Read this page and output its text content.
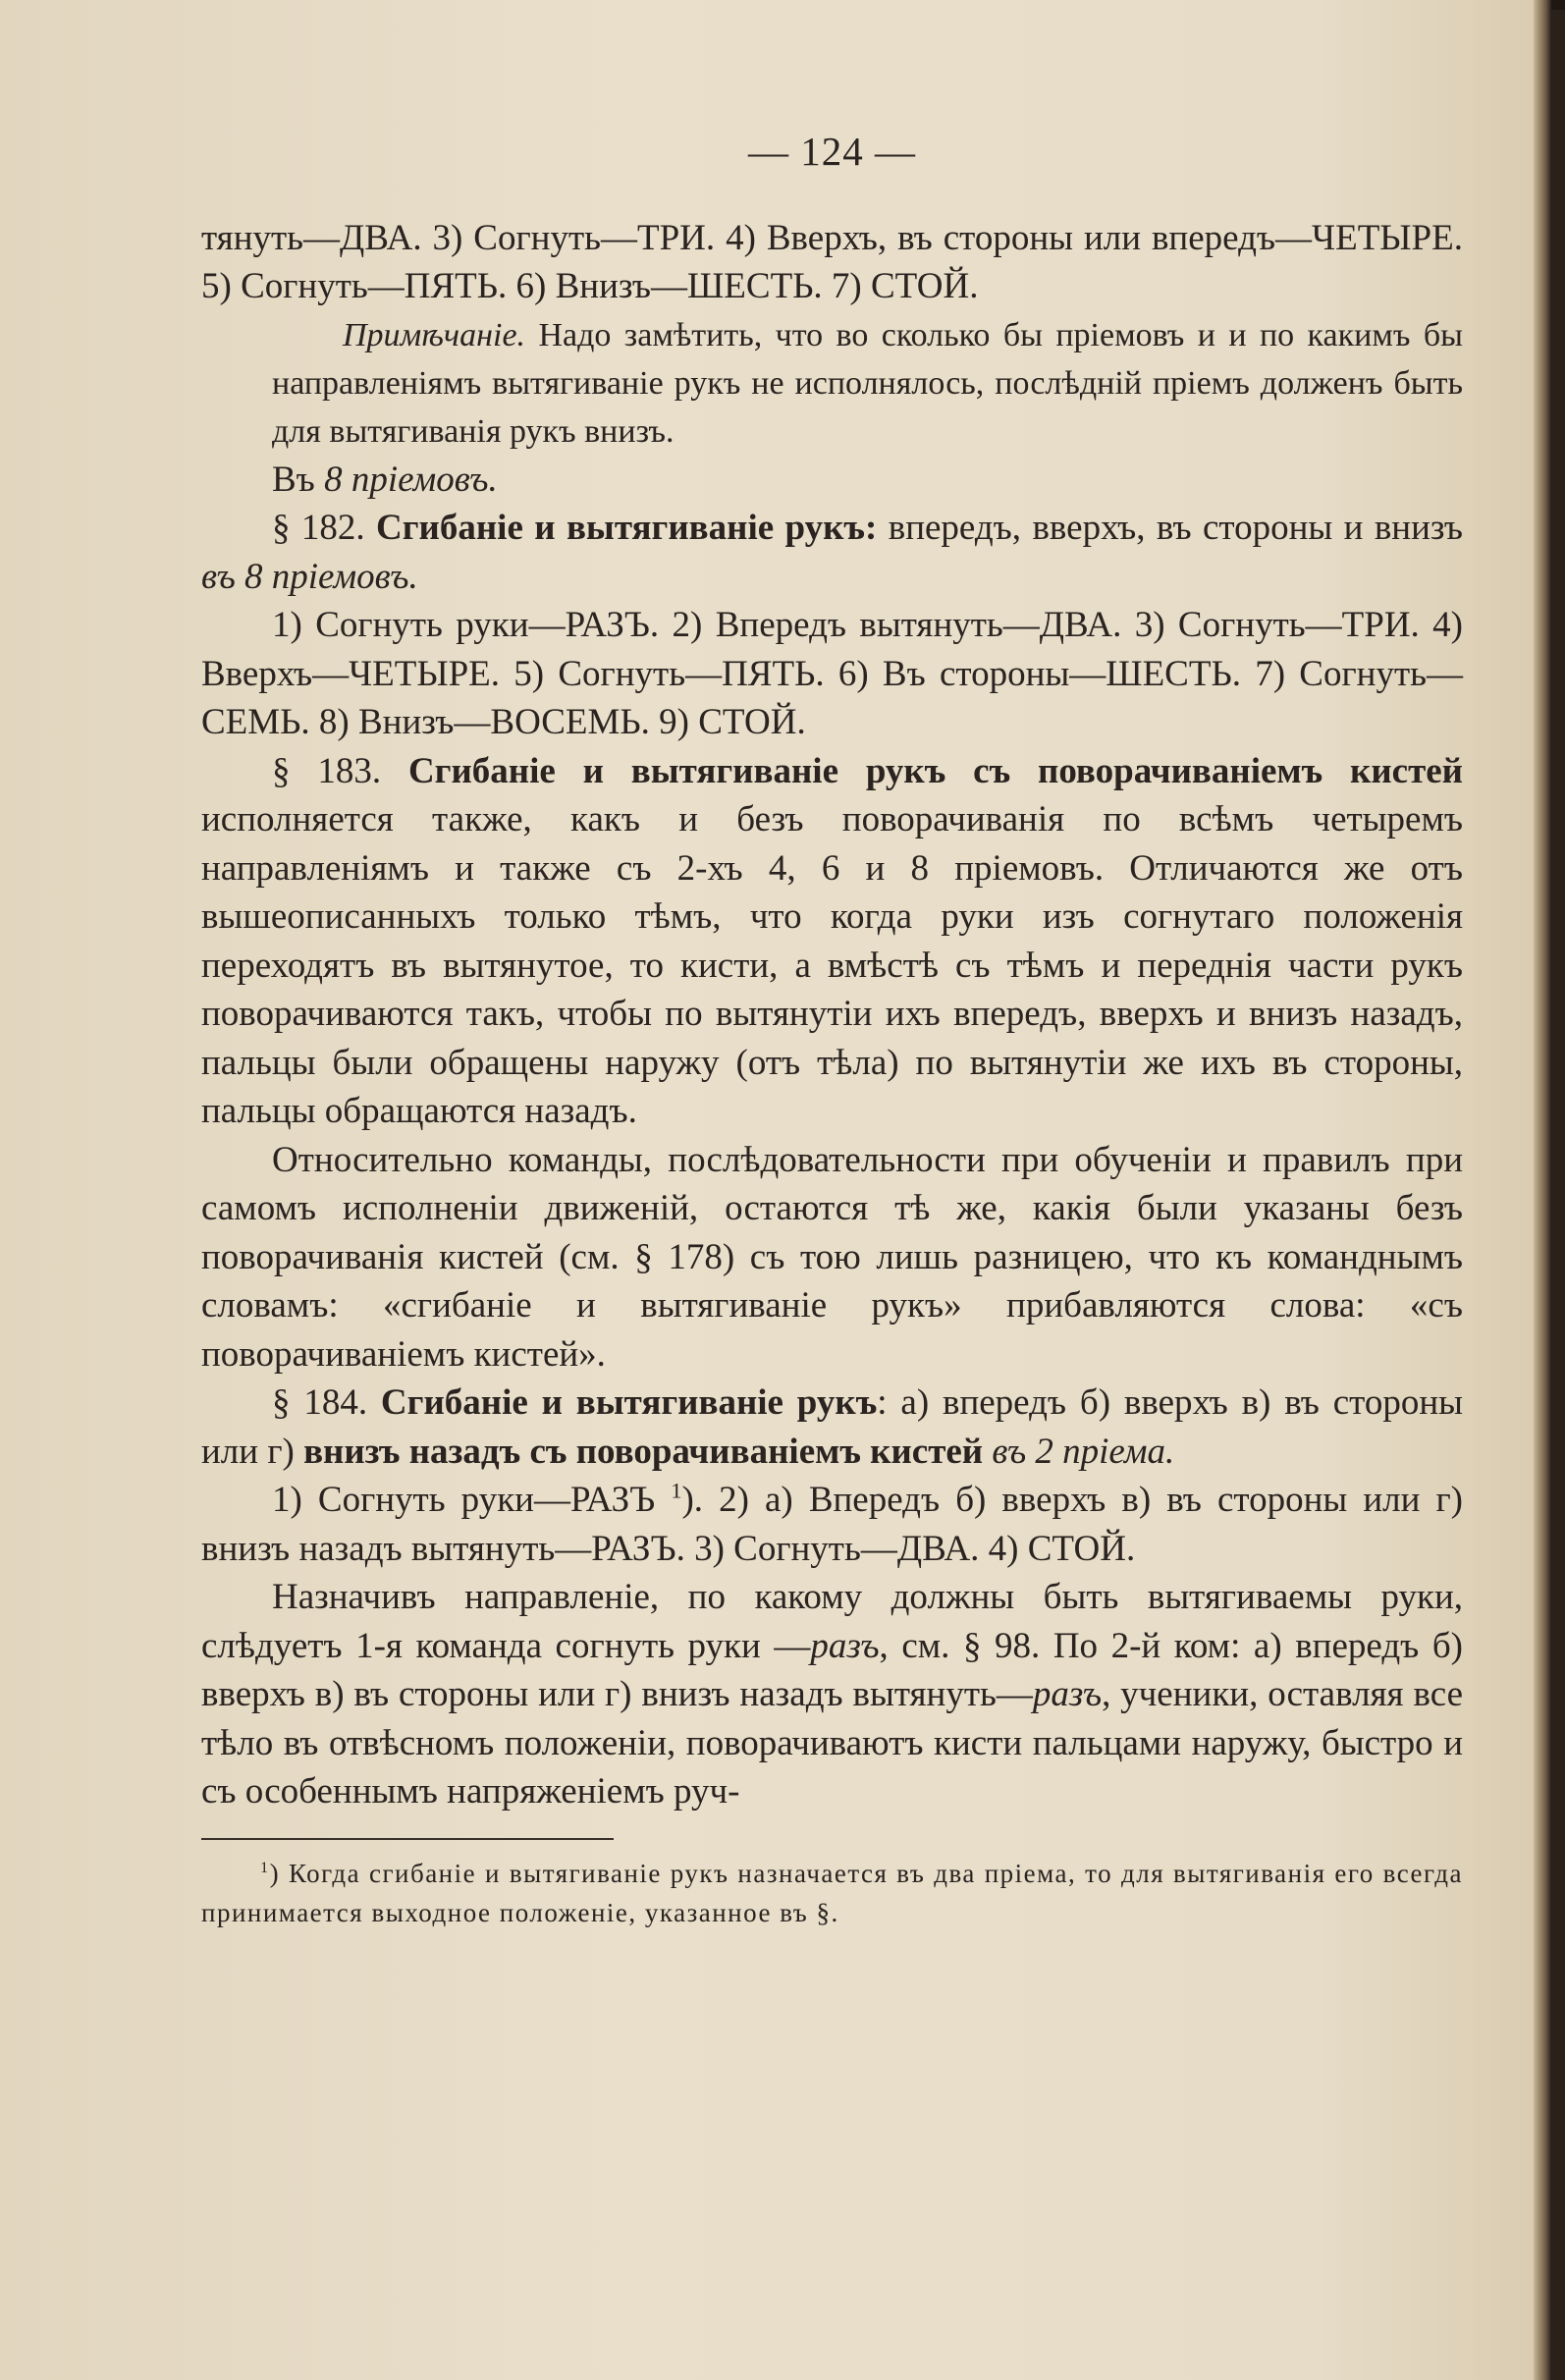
— 124 —

тянуть—ДВА. 3) Согнуть—ТРИ. 4) Вверхъ, въ стороны или впередъ—ЧЕТЫРЕ. 5) Согнуть—ПЯТЬ. 6) Внизъ—ШЕСТЬ. 7) СТОЙ.

Примѣчаніе. Надо замѣтить, что во сколько бы пріемовъ и и по какимъ бы направленіямъ вытягиваніе рукъ не исполнялось, послѣдній пріемъ долженъ быть для вытягиванія рукъ внизъ.

Въ 8 пріемовъ.

§ 182. Сгибаніе и вытягиваніе рукъ: впередъ, вверхъ, въ стороны и внизъ въ 8 пріемовъ.

1) Согнуть руки—РАЗЪ. 2) Впередъ вытянуть—ДВА. 3) Согнуть—ТРИ. 4) Вверхъ—ЧЕТЫРЕ. 5) Согнуть—ПЯТЬ. 6) Въ стороны—ШЕСТЬ. 7) Согнуть—СЕМЬ. 8) Внизъ—ВОСЕМЬ. 9) СТОЙ.

§ 183. Сгибаніе и вытягиваніе рукъ съ поворачиваніемъ кистей исполняется также, какъ и безъ поворачиванія по всѣмъ четыремъ направленіямъ и также съ 2-хъ 4, 6 и 8 пріемовъ. Отличаются же отъ вышеописанныхъ только тѣмъ, что когда руки изъ согнутаго положенія переходятъ въ вытянутое, то кисти, а вмѣстѣ съ тѣмъ и переднія части рукъ поворачиваются такъ, чтобы по вытянутіи ихъ впередъ, вверхъ и внизъ назадъ, пальцы были обращены наружу (отъ тѣла) по вытянутіи же ихъ въ стороны, пальцы обращаются назадъ.

Относительно команды, послѣдовательности при обученіи и правилъ при самомъ исполненіи движеній, остаются тѣ же, какія были указаны безъ поворачиванія кистей (см. § 178) съ тою лишь разницею, что къ команднымъ словамъ: «сгибаніе и вытягиваніе рукъ» прибавляются слова: «съ поворачиваніемъ кистей».

§ 184. Сгибаніе и вытягиваніе рукъ: а) впередъ б) вверхъ в) въ стороны или г) внизъ назадъ съ поворачиваніемъ кистей въ 2 пріема.

1) Согнуть руки—РАЗЪ $^1$). 2) а) Впередъ б) вверхъ в) въ стороны или г) внизъ назадъ вытянуть—РАЗЪ. 3) Согнуть—ДВА. 4) СТОЙ.

Назначивъ направленіе, по какому должны быть вытягиваемы руки, слѣдуетъ 1-я команда согнуть руки —разъ, см. § 98. По 2-й ком: а) впередъ б) вверхъ в) въ стороны или г) внизъ назадъ вытянуть—разъ, ученики, оставляя все тѣло въ отвѣсномъ положеніи, поворачиваютъ кисти пальцами наружу, быстро и съ особеннымъ напряженіемъ руч-

$^1$) Когда сгибаніе и вытягиваніе рукъ назначается въ два пріема, то для вытягиванія его всегда принимается выходное положеніе, указанное въ §.
